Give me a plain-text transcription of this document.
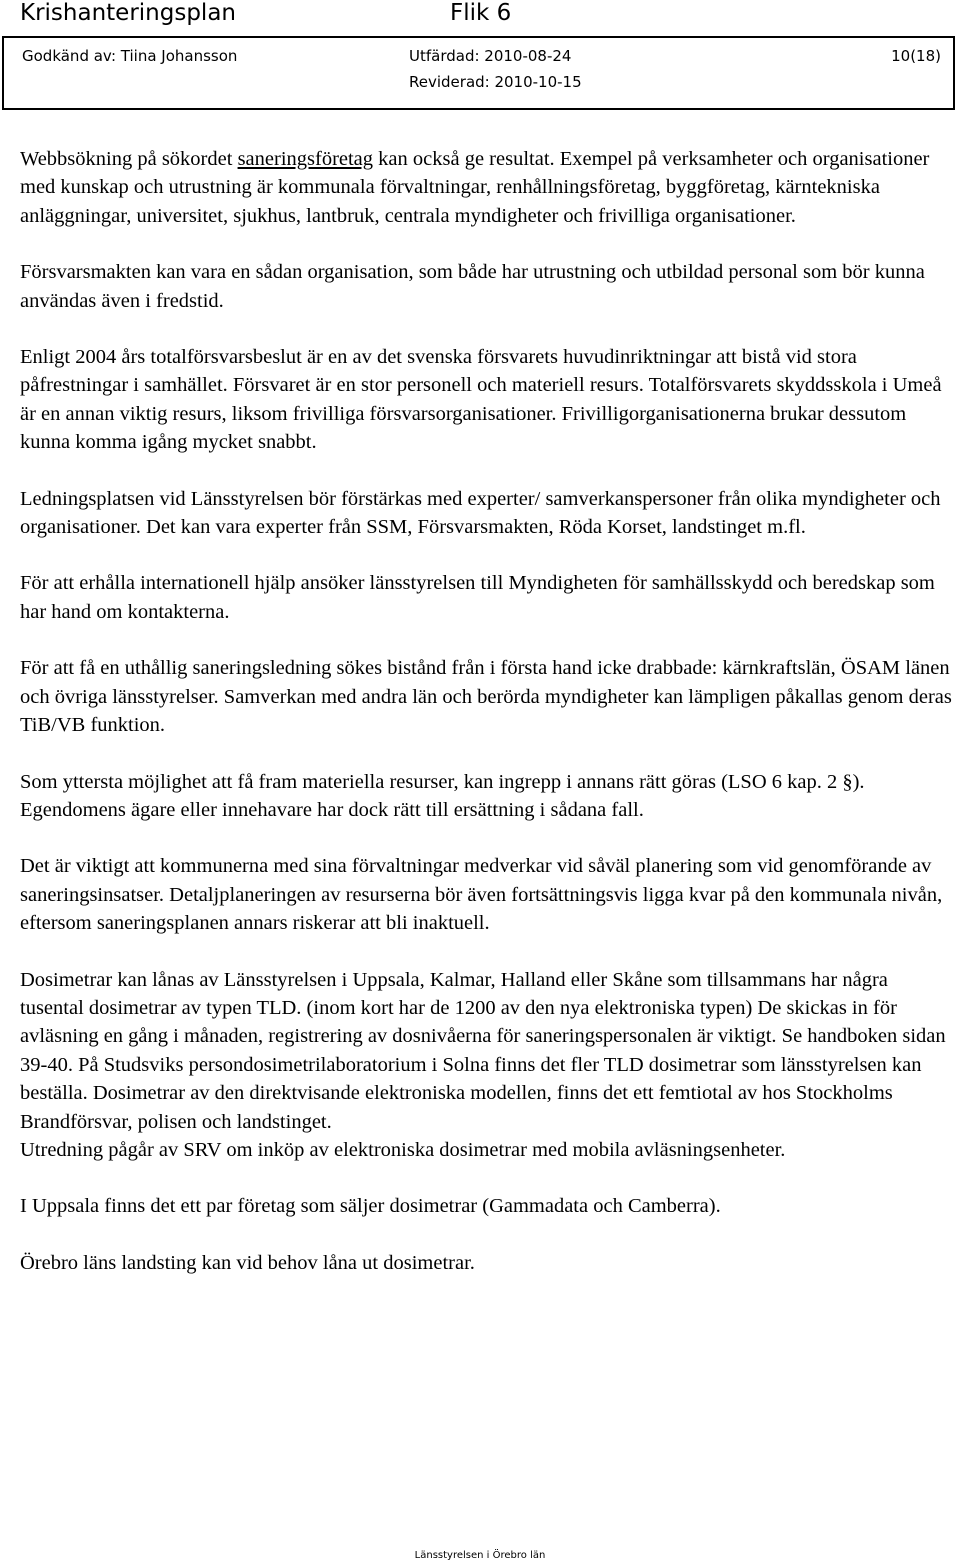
Krishanteringsplan	Flik 6
Godkänd av: Tiina Johansson	Utfärdad: 2010-08-24
Reviderad: 2010-10-15
10(18)

Webbsökning på sökordet saneringsföretag kan också ge resultat. Exempel på verksamheter och organisationer med kunskap och utrustning är kommunala förvaltningar, renhållningsföretag, byggföretag, kärntekniska anläggningar, universitet, sjukhus, lantbruk, centrala myndigheter och frivilliga organisationer.

Försvarsmakten kan vara en sådan organisation, som både har utrustning och utbildad personal som bör kunna användas även i fredstid.

Enligt 2004 års totalförsvarsbeslut är en av det svenska försvarets huvudinriktningar att bistå vid stora påfrestningar i samhället. Försvaret är en stor personell och materiell resurs. Totalförsvarets skyddsskola i Umeå är en annan viktig resurs, liksom frivilliga försvarsorganisationer. Frivilligorganisationerna brukar dessutom kunna komma igång mycket snabbt.

Ledningsplatsen vid Länsstyrelsen bör förstärkas med experter/ samverkanspersoner från olika myndigheter och organisationer. Det kan vara experter från SSM, Försvarsmakten, Röda Korset, landstinget m.fl.

För att erhålla internationell hjälp ansöker länsstyrelsen till Myndigheten för samhällsskydd och beredskap som har hand om kontakterna.

För att få en uthållig saneringsledning sökes bistånd från i första hand icke drabbade: kärnkraftslän, ÖSAM länen och övriga länsstyrelser. Samverkan med andra län och berörda myndigheter kan lämpligen påkallas genom deras TiB/VB funktion.

Som yttersta möjlighet att få fram materiella resurser, kan ingrepp i annans rätt göras (LSO 6 kap. 2 §). Egendomens ägare eller innehavare har dock rätt till ersättning i sådana fall.

Det är viktigt att kommunerna med sina förvaltningar medverkar vid såväl planering som vid genomförande av saneringsinsatser. Detaljplaneringen av resurserna bör även fortsättningsvis ligga kvar på den kommunala nivån, eftersom saneringsplanen annars riskerar att bli inaktuell.

Dosimetrar kan lånas av Länsstyrelsen i Uppsala, Kalmar, Halland eller Skåne som tillsammans har några tusental dosimetrar av typen TLD. (inom kort har de 1200 av den nya elektroniska typen) De skickas in för avläsning en gång i månaden, registrering av dosnivåerna för saneringspersonalen är viktigt. Se handboken sidan 39-40. På Studsviks persondosimetrilaboratorium i Solna finns det fler TLD dosimetrar som länsstyrelsen kan beställa. Dosimetrar av den direktvisande elektroniska modellen, finns det ett femtiotal av hos Stockholms Brandförsvar, polisen och landstinget.

Utredning pågår av SRV om inköp av elektroniska dosimetrar med mobila avläsningsenheter.

I Uppsala finns det ett par företag som säljer dosimetrar (Gammadata och Camberra).

Örebro läns landsting kan vid behov låna ut dosimetrar.

Länsstyrelsen i Örebro län
